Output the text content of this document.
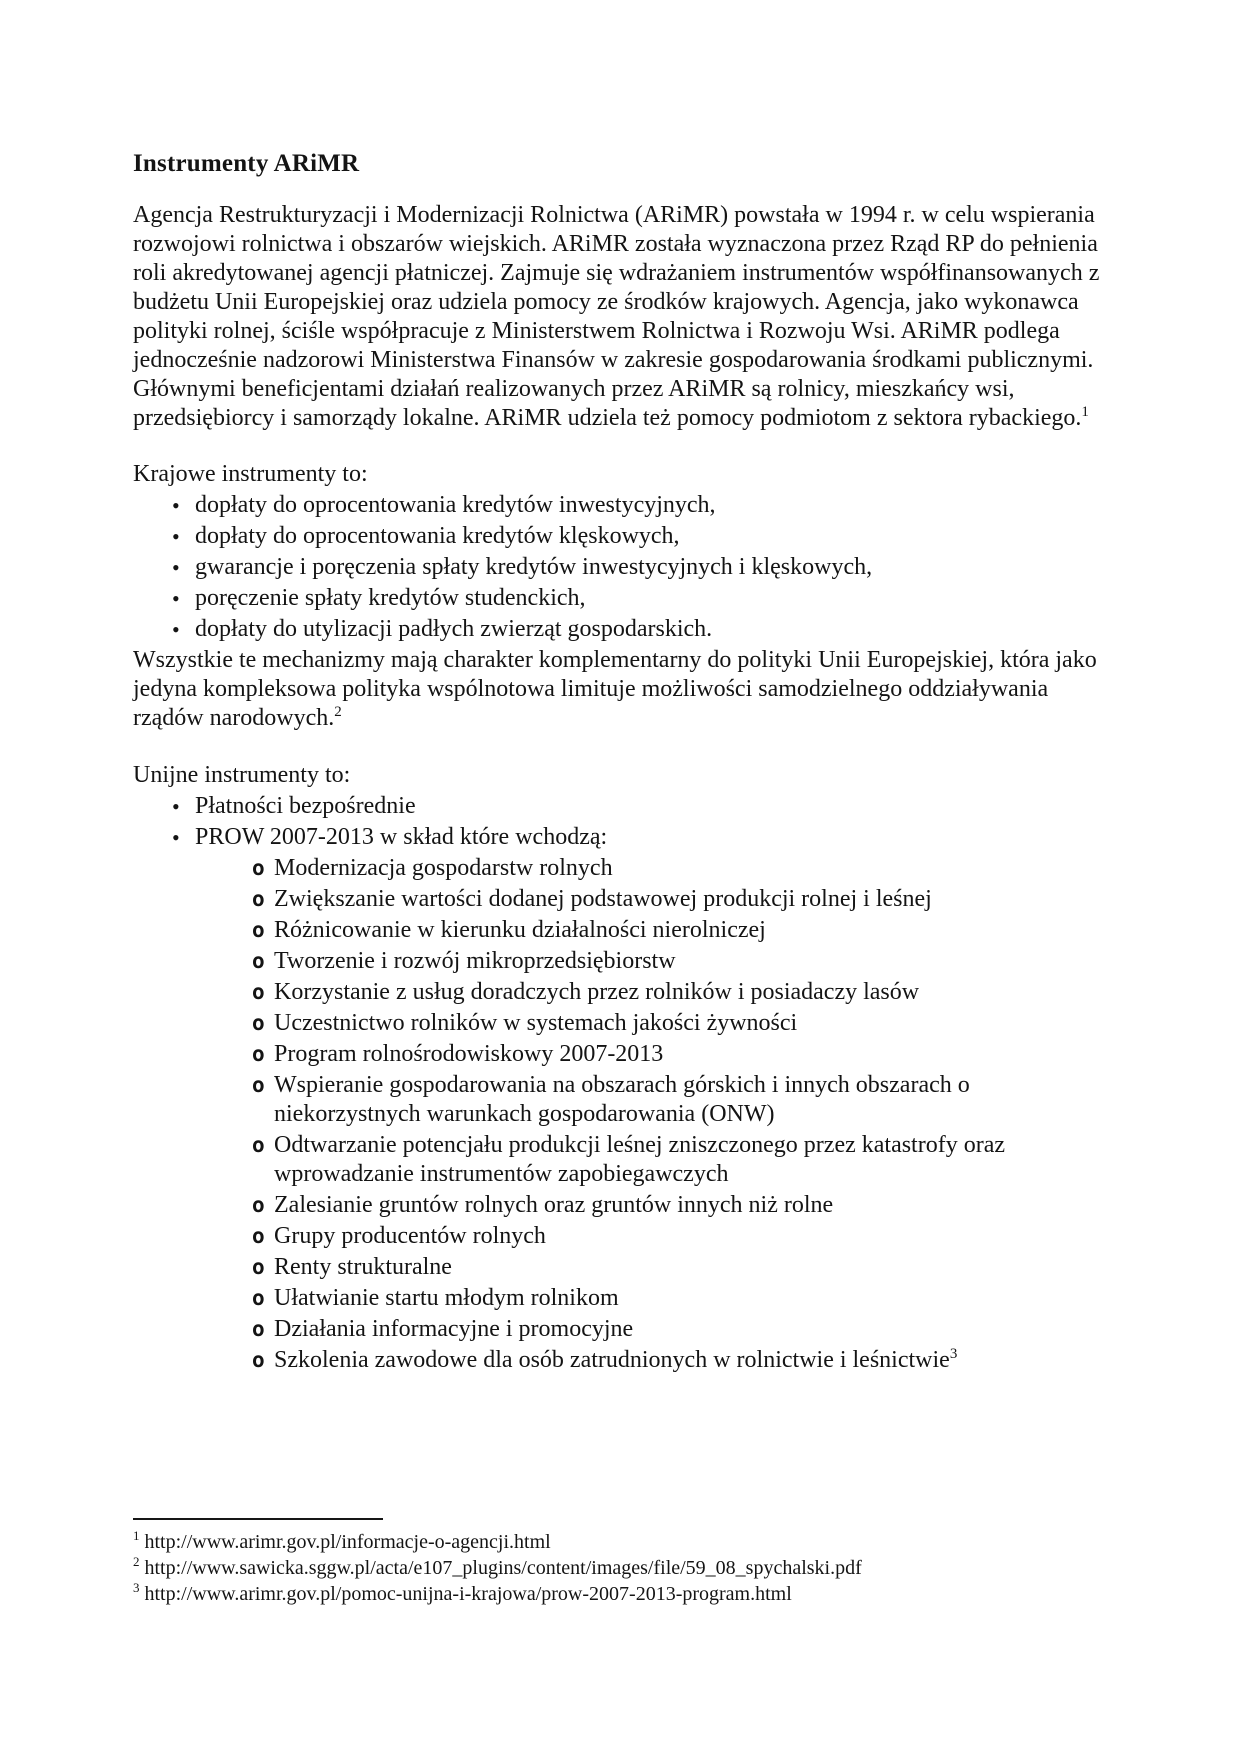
Instrumenty ARiMR

Agencja Restrukturyzacji i Modernizacji Rolnictwa (ARiMR) powstała w 1994 r. w celu wspierania rozwojowi rolnictwa i obszarów wiejskich. ARiMR została wyznaczona przez Rząd RP do pełnienia roli akredytowanej agencji płatniczej. Zajmuje się wdrażaniem instrumentów współfinansowanych z budżetu Unii Europejskiej oraz udziela pomocy ze środków krajowych. Agencja, jako wykonawca polityki rolnej, ściśle współpracuje z Ministerstwem Rolnictwa i Rozwoju Wsi. ARiMR podlega jednocześnie nadzorowi Ministerstwa Finansów w zakresie gospodarowania środkami publicznymi.
Głównymi beneficjentami działań realizowanych przez ARiMR są rolnicy, mieszkańcy wsi, przedsiębiorcy i samorządy lokalne. ARiMR udziela też pomocy podmiotom z sektora rybackiego.$^1$

Krajowe instrumenty to:

• dopłaty do oprocentowania kredytów inwestycyjnych,
• dopłaty do oprocentowania kredytów klęskowych,
• gwarancje i poręczenia spłaty kredytów inwestycyjnych i klęskowych,
• poręczenie spłaty kredytów studenckich,
• dopłaty do utylizacji padłych zwierząt gospodarskich.

Wszystkie te mechanizmy mają charakter komplementarny do polityki Unii Europejskiej, która jako jedyna kompleksowa polityka wspólnotowa limituje możliwości samodzielnego oddziaływania rządów narodowych.$^2$

Unijne instrumenty to:

• Płatności bezpośrednie
• PROW 2007-2013 w skład które wchodzą:
o Modernizacja gospodarstw rolnych
o Zwiększanie wartości dodanej podstawowej produkcji rolnej i leśnej
o Różnicowanie w kierunku działalności nierolniczej
o Tworzenie i rozwój mikroprzedsiębiorstw
o Korzystanie z usług doradczych przez rolników i posiadaczy lasów
o Uczestnictwo rolników w systemach jakości żywności
o Program rolnośrodowiskowy 2007-2013
o Wspieranie gospodarowania na obszarach górskich i innych obszarach o niekorzystnych warunkach gospodarowania (ONW)
o Odtwarzanie potencjału produkcji leśnej zniszczonego przez katastrofy oraz wprowadzanie instrumentów zapobiegawczych
o Zalesianie gruntów rolnych oraz gruntów innych niż rolne
o Grupy producentów rolnych
o Renty strukturalne
o Ułatwianie startu młodym rolnikom
o Działania informacyjne i promocyjne
o Szkolenia zawodowe dla osób zatrudnionych w rolnictwie i leśnictwie$^3$
$^1$ http://www.arimr.gov.pl/informacje-o-agencji.html
$^2$ http://www.sawicka.sggw.pl/acta/e107_plugins/content/images/file/59_08_spychalski.pdf
$^3$ http://www.arimr.gov.pl/pomoc-unijna-i-krajowa/prow-2007-2013-program.html
